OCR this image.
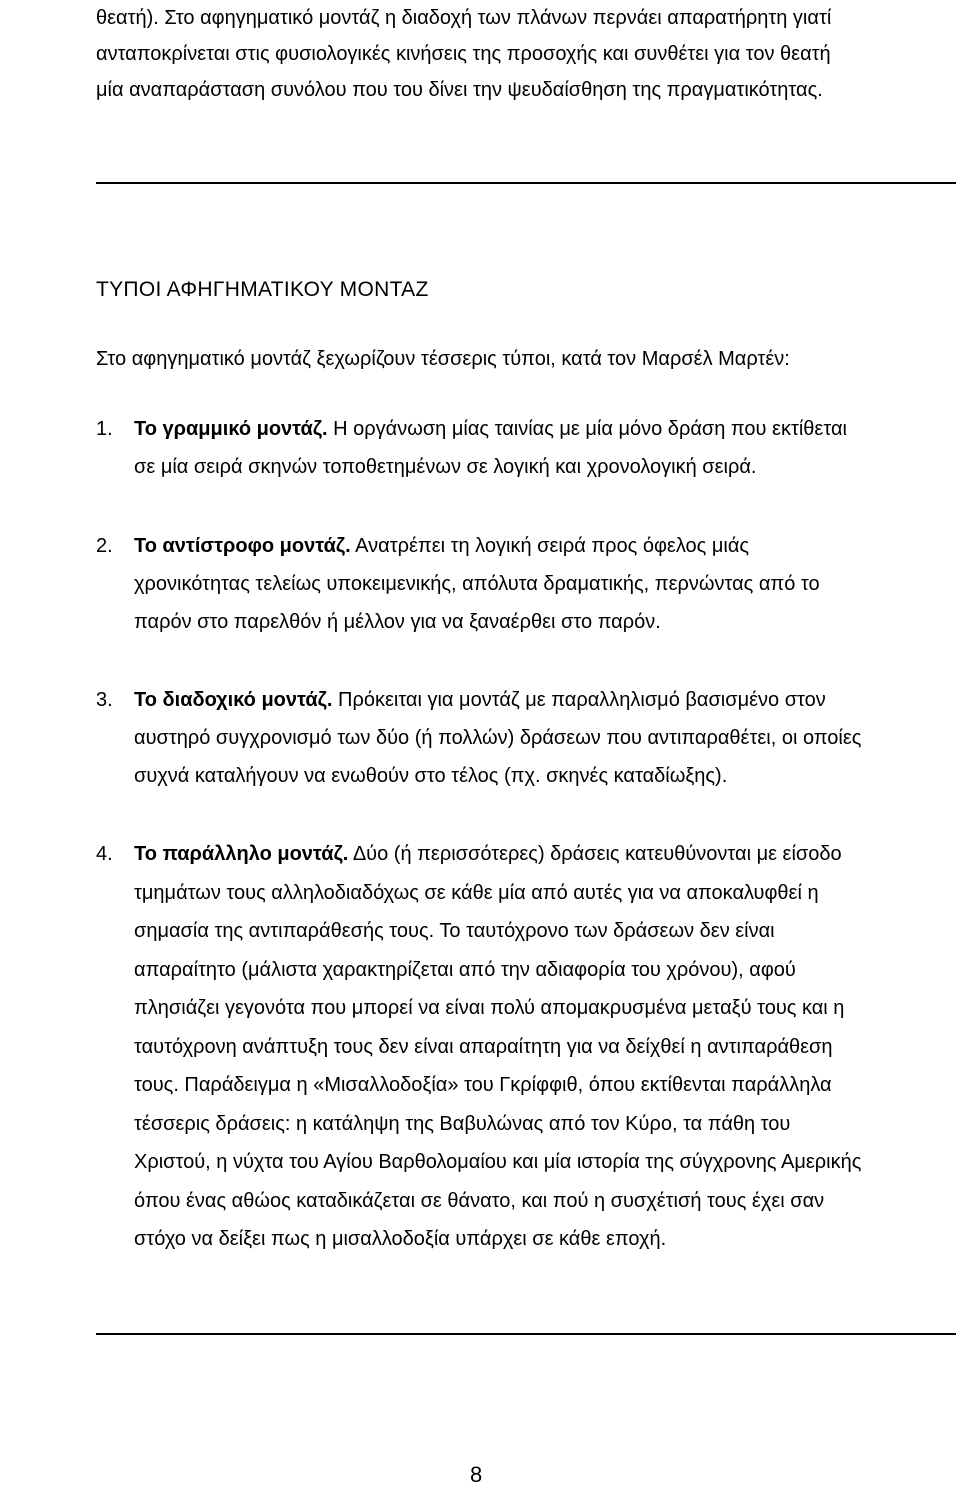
θεατή). Στο αφηγηματικό μοντάζ η διαδοχή των πλάνων περνάει απαρατήρητη γιατί
ανταποκρίνεται στις φυσιολογικές κινήσεις της προσοχής και συνθέτει για τον θεατή
μία αναπαράσταση συνόλου που του δίνει την ψευδαίσθηση της πραγματικότητας.
ΤΥΠΟΙ ΑΦΗΓΗΜΑΤΙΚΟΥ ΜΟΝΤΑΖ

Στο αφηγηματικό μοντάζ ξεχωρίζουν τέσσερις τύποι, κατά τον Μαρσέλ Μαρτέν:

1.	Το γραμμικό μοντάζ. Η οργάνωση μίας ταινίας με μία μόνο δράση που εκτίθεται
σε μία σειρά σκηνών τοποθετημένων σε λογική και χρονολογική σειρά.
2.	Το αντίστροφο μοντάζ. Ανατρέπει τη λογική σειρά προς όφελος μιάς
χρονικότητας τελείως υποκειμενικής, απόλυτα δραματικής, περνώντας από το
παρόν στο παρελθόν ή μέλλον για να ξαναέρθει στο παρόν.
3.	Το διαδοχικό μοντάζ. Πρόκειται για μοντάζ με παραλληλισμό βασισμένο στον
αυστηρό συγχρονισμό των δύο (ή πολλών) δράσεων που αντιπαραθέτει, οι οποίες
συχνά καταλήγουν να ενωθούν στο τέλος (πχ. σκηνές καταδίωξης).
4.	Το παράλληλο μοντάζ. Δύο (ή περισσότερες) δράσεις κατευθύνονται με είσοδο
τμημάτων τους αλληλοδιαδόχως σε κάθε μία από αυτές για να αποκαλυφθεί η
σημασία της αντιπαράθεσής τους. Το ταυτόχρονο των δράσεων δεν είναι
απαραίτητο (μάλιστα χαρακτηρίζεται από την αδιαφορία του χρόνου), αφού
πλησιάζει γεγονότα που μπορεί να είναι πολύ απομακρυσμένα μεταξύ τους και η
ταυτόχρονη ανάπτυξη τους δεν είναι απαραίτητη για να δείχθεί η αντιπαράθεση
τους. Παράδειγμα η «Μισαλλοδοξία» του Γκρίφφιθ, όπου εκτίθενται παράλληλα
τέσσερις δράσεις: η κατάληψη της Βαβυλώνας από τον Κύρο, τα πάθη του
Χριστού, η νύχτα του Αγίου Βαρθολομαίου και μία ιστορία της σύγχρονης Αμερικής
όπου ένας αθώος καταδικάζεται σε θάνατο, και πού η συσχέτισή τους έχει σαν
στόχο να δείξει πως η μισαλλοδοξία υπάρχει σε κάθε εποχή.
8
